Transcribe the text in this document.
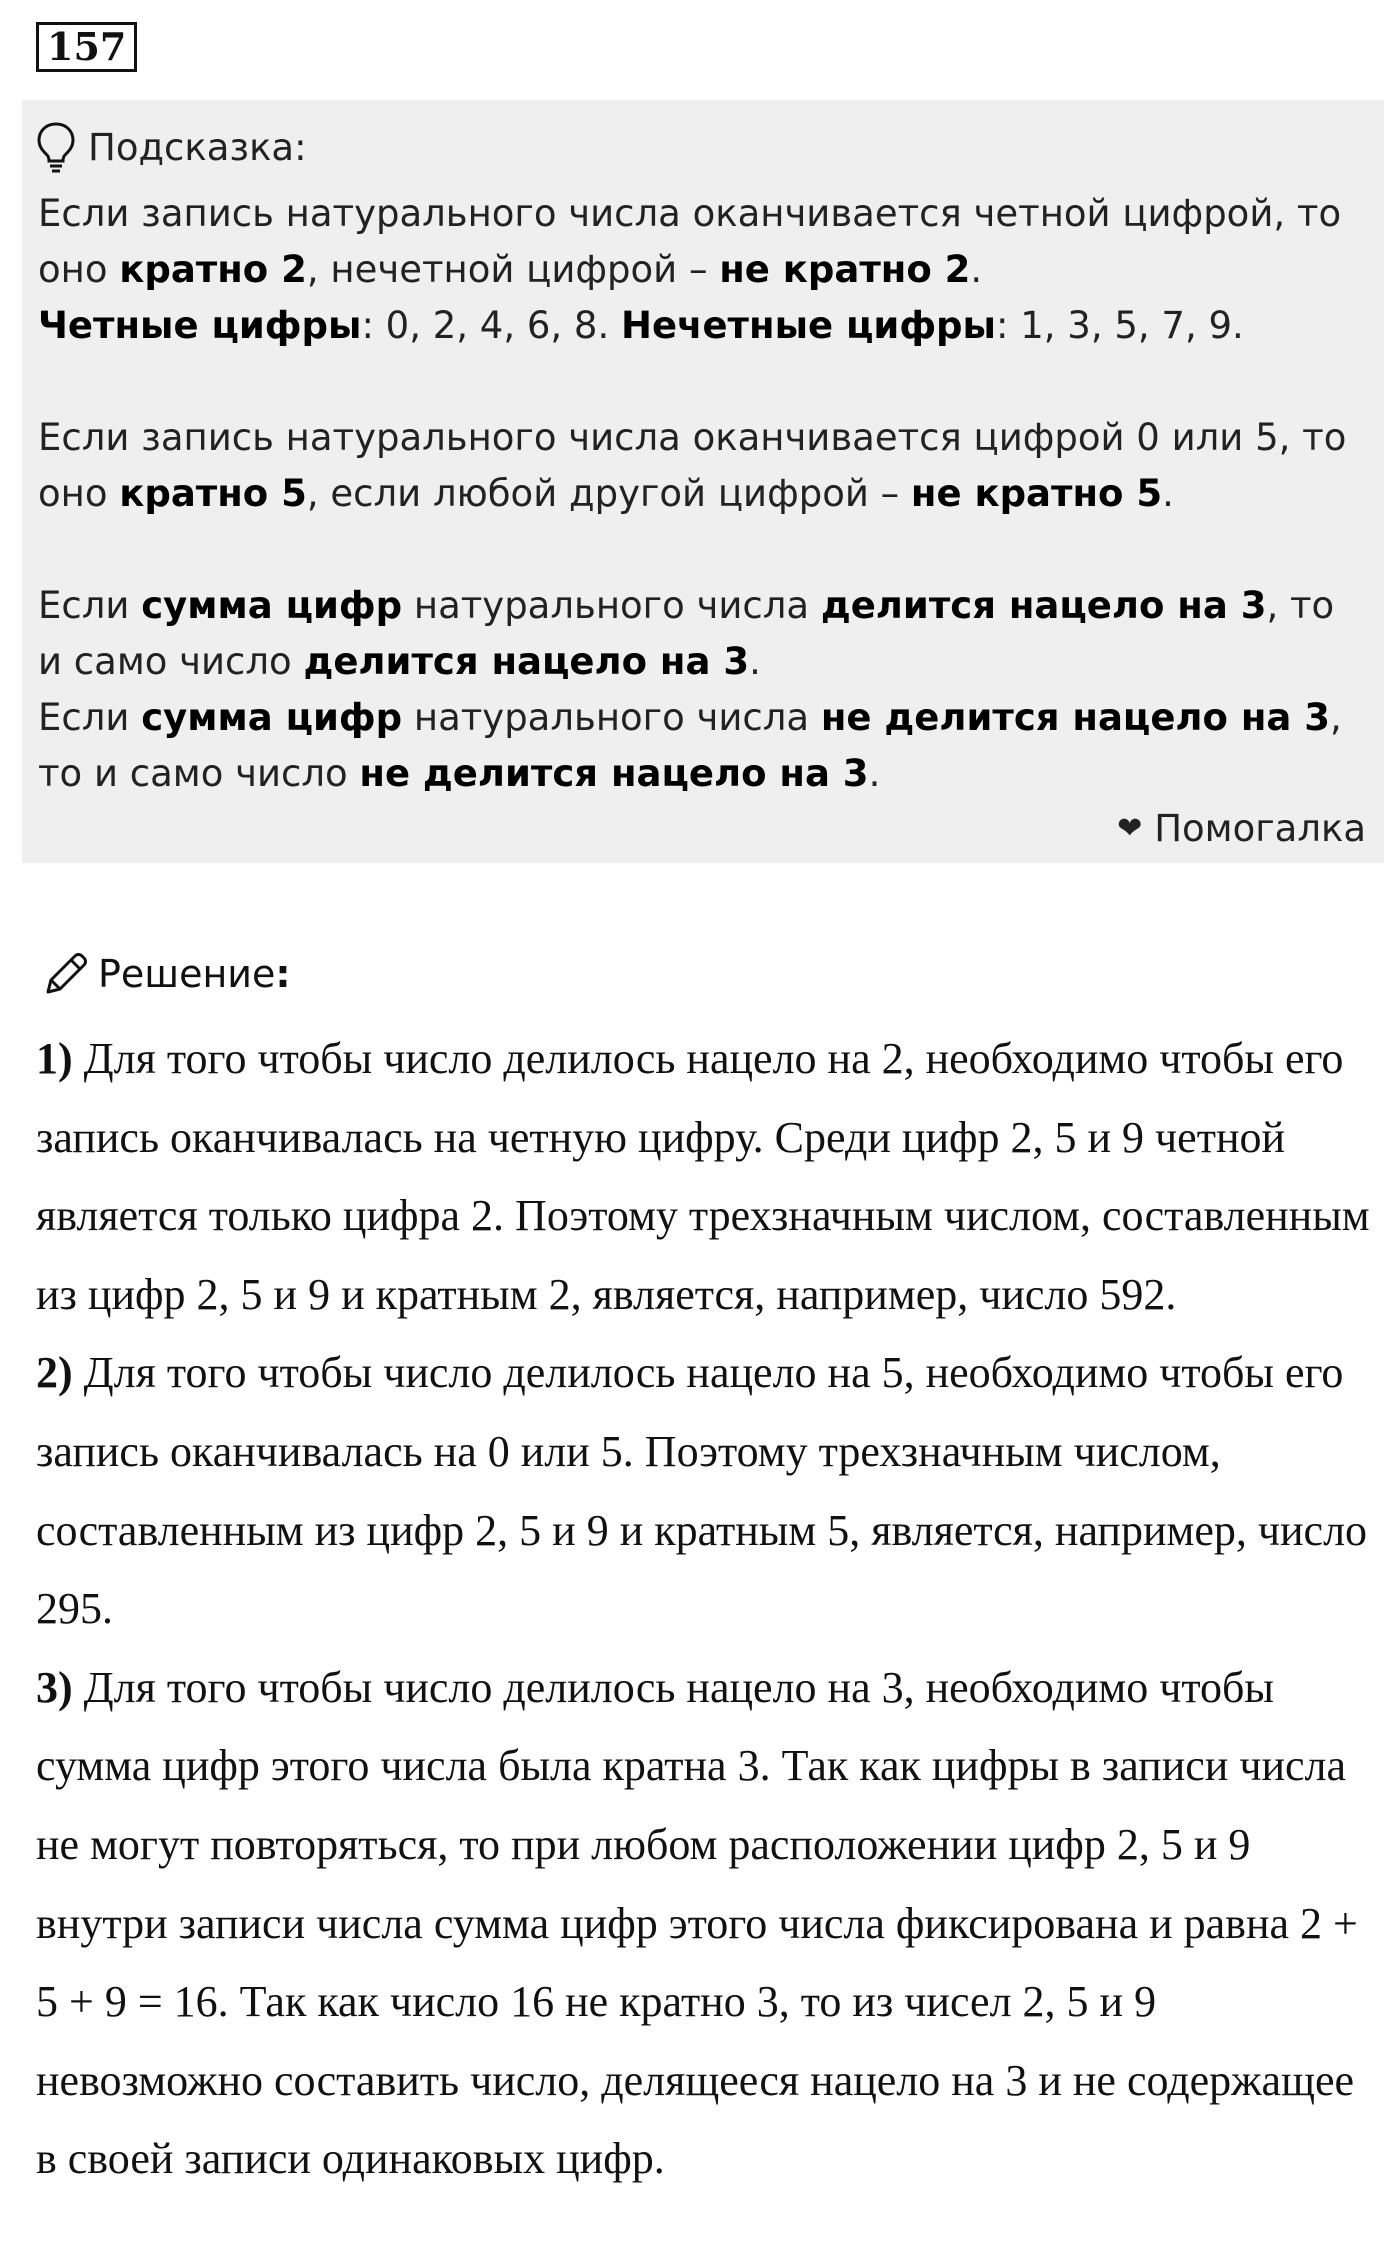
157
Подсказка:

Если запись натурального числа оканчивается четной цифрой, то оно кратно 2, нечетной цифрой – не кратно 2.

Четные цифры: 0, 2, 4, 6, 8. Нечетные цифры: 1, 3, 5, 7, 9.

Если запись натурального числа оканчивается цифрой 0 или 5, то оно кратно 5, если любой другой цифрой – не кратно 5.

Если сумма цифр натурального числа делится нацело на 3, то и само число делится нацело на 3.

Если сумма цифр натурального числа не делится нацело на 3, то и само число не делится нацело на 3.

❤ Помогалка
Решение :

1) Для того чтобы число делилось нацело на 2, необходимо чтобы его запись оканчивалась на четную цифру. Среди цифр 2, 5 и 9 четной является только цифра 2. Поэтому трехзначным числом, составленным из цифр 2, 5 и 9 и кратным 2, является, например, число 592.

2) Для того чтобы число делилось нацело на 5, необходимо чтобы его запись оканчивалась на 0 или 5. Поэтому трехзначным числом, составленным из цифр 2, 5 и 9 и кратным 5, является, например, число 295.

3) Для того чтобы число делилось нацело на 3, необходимо чтобы сумма цифр этого числа была кратна 3. Так как цифры в записи числа не могут повторяться, то при любом расположении цифр 2, 5 и 9 внутри записи числа сумма цифр этого числа фиксирована и равна 2 + 5 + 9 = 16. Так как число 16 не кратно 3, то из чисел 2, 5 и 9 невозможно составить число, делящееся нацело на 3 и не содержащее в своей записи одинаковых цифр.
